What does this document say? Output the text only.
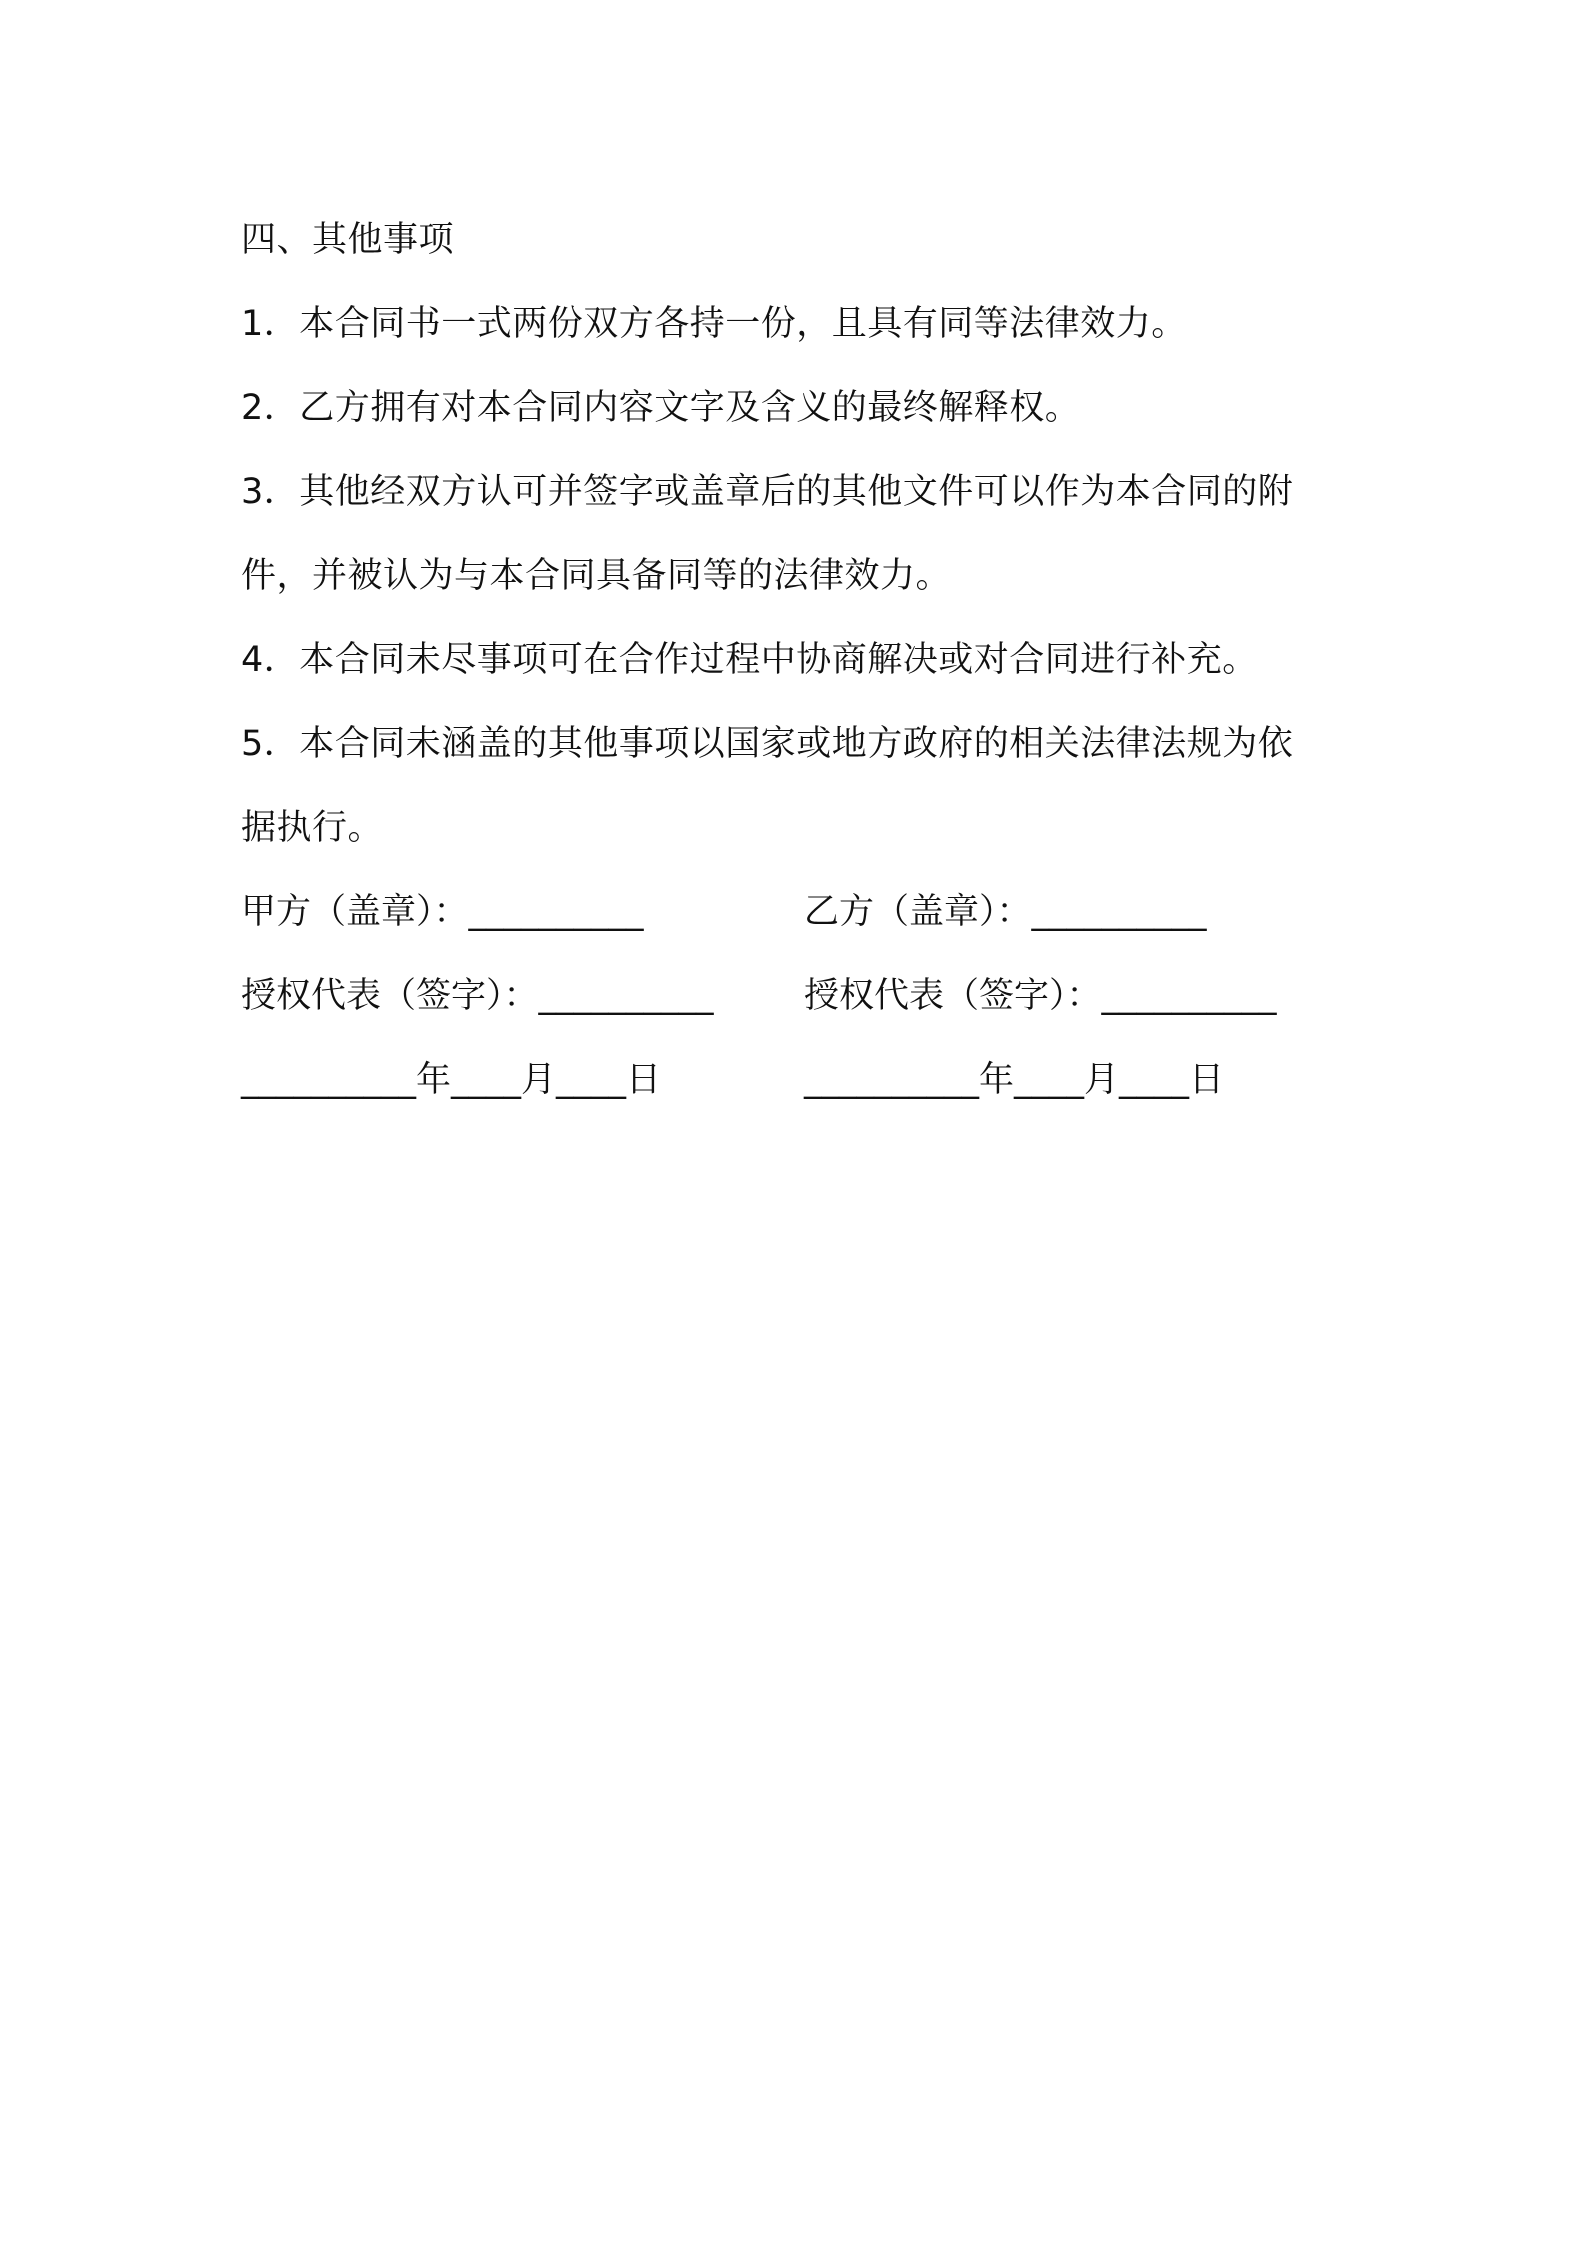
四、其他事项
1．本合同书一式两份双方各持一份，且具有同等法律效力。
2．乙方拥有对本合同内容文字及含义的最终解释权。
3．其他经双方认可并签字或盖章后的其他文件可以作为本合同的附
件，并被认为与本合同具备同等的法律效力。
4．本合同未尽事项可在合作过程中协商解决或对合同进行补充。
5．本合同未涵盖的其他事项以国家或地方政府的相关法律法规为依
据执行。
甲方（盖章）：__________	乙方（盖章）：__________
授权代表（签字）：__________	授权代表（签字）：__________
__________年____月____日	__________年____月____日
